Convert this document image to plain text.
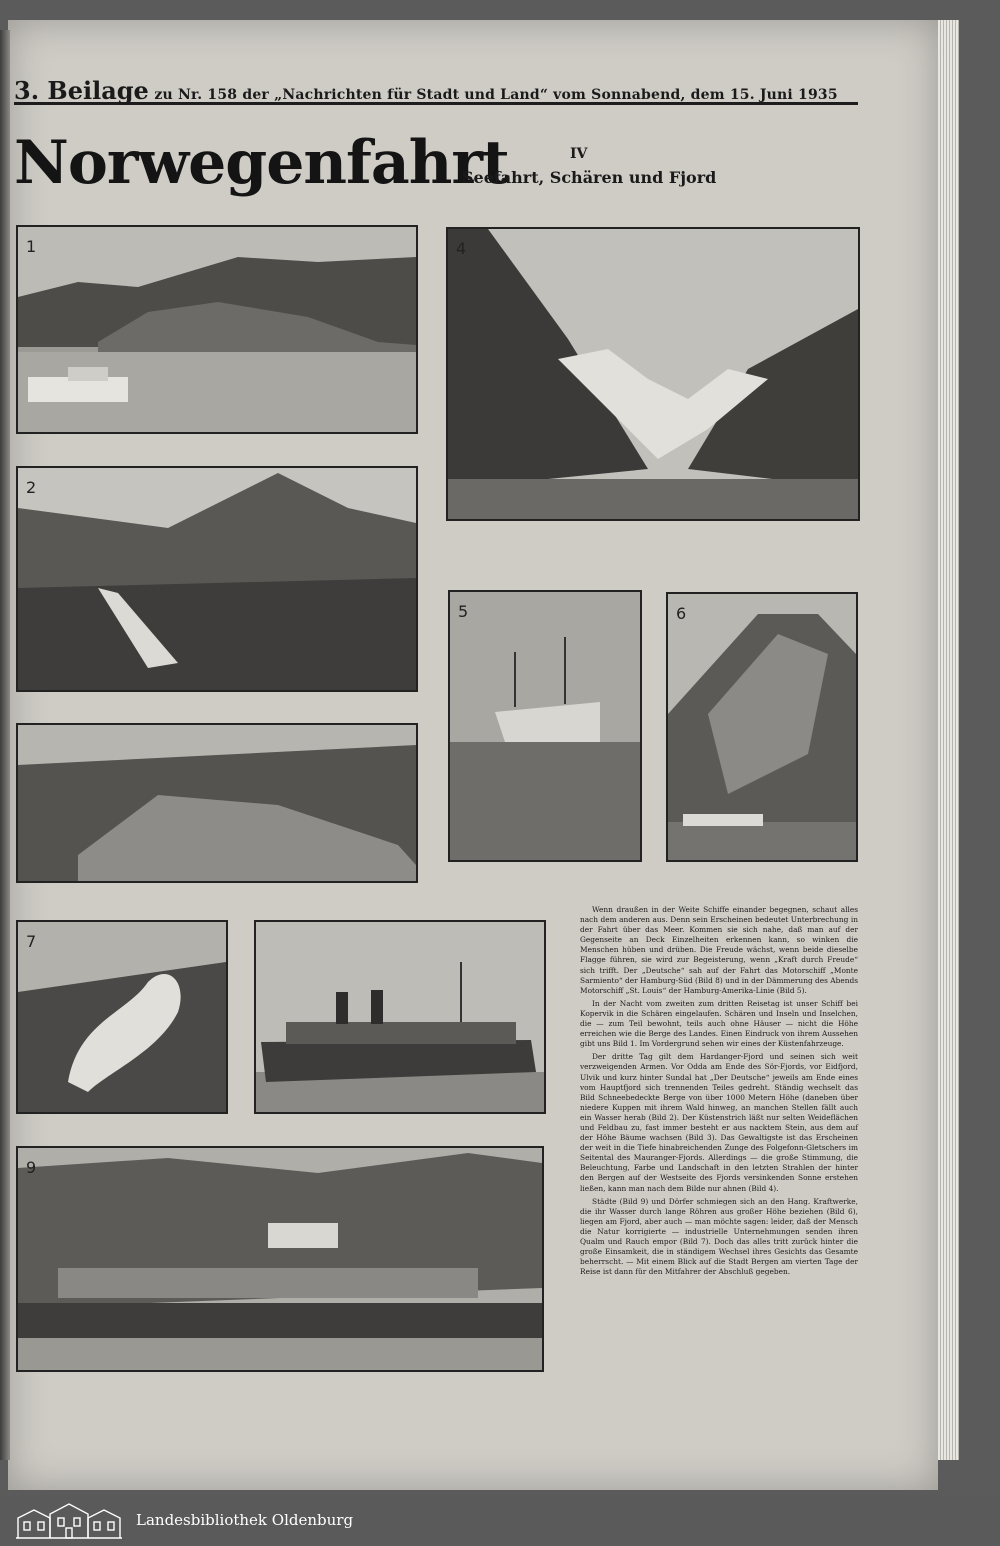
3. Beilage zu Nr. 158 der „Nachrichten für Stadt und Land“ vom Sonnabend, dem 15. Juni 1935
Norwegenfahrt	IV
Seefahrt, Schären und Fjord
1
2
4
5	6
7
9

Wenn draußen in der Weite Schiffe einander begegnen, schaut alles nach dem anderen aus. Denn sein Erscheinen bedeutet Unterbrechung in der Fahrt über das Meer. Kommen sie sich nahe, daß man auf der Gegenseite an Deck Einzelheiten erkennen kann, so winken die Menschen hüben und drüben. Die Freude wächst, wenn beide dieselbe Flagge führen, sie wird zur Begeisterung, wenn „Kraft durch Freude“ sich trifft. Der „Deutsche“ sah auf der Fahrt das Motorschiff „Monte Sarmiento“ der Hamburg-Süd (Bild 8) und in der Dämmerung des Abends Motorschiff „St. Louis“ der Hamburg-Amerika-Linie (Bild 5).

In der Nacht vom zweiten zum dritten Reisetag ist unser Schiff bei Kopervik in die Schären eingelaufen. Schären und Inseln und Inselchen, die — zum Teil bewohnt, teils auch ohne Häuser — nicht die Höhe erreichen wie die Berge des Landes. Einen Eindruck von ihrem Aussehen gibt uns Bild 1. Im Vordergrund sehen wir eines der Küstenfahrzeuge.

Der dritte Tag gilt dem Hardanger-Fjord und seinen sich weit verzweigenden Armen. Vor Odda am Ende des Sör-Fjords, vor Eidfjord, Ulvik und kurz hinter Sundal hat „Der Deutsche“ jeweils am Ende eines vom Hauptfjord sich trennenden Teiles gedreht. Ständig wechselt das Bild Schneebedeckte Berge von über 1000 Metern Höhe (daneben über niedere Kuppen mit ihrem Wald hinweg, an manchen Stellen fällt auch ein Wasser herab (Bild 2). Der Küstenstrich läßt nur selten Weideflächen und Feldbau zu, fast immer besteht er aus nacktem Stein, aus dem auf der Höhe Bäume wachsen (Bild 3). Das Gewaltigste ist das Erscheinen der weit in die Tiefe hinabreichenden Zunge des Folgefonn-Gletschers im Seitental des Mauranger-Fjords. Allerdings — die große Stimmung, die Beleuchtung, Farbe und Landschaft in den letzten Strahlen der hinter den Bergen auf der Westseite des Fjords versinkenden Sonne erstehen ließen, kann man nach dem Bilde nur ahnen (Bild 4).

Städte (Bild 9) und Dörfer schmiegen sich an den Hang. Kraftwerke, die ihr Wasser durch lange Röhren aus großer Höhe beziehen (Bild 6), liegen am Fjord, aber auch — man möchte sagen: leider, daß der Mensch die Natur korrigierte — industrielle Unternehmungen senden ihren Qualm und Rauch empor (Bild 7). Doch das alles tritt zurück hinter die große Einsamkeit, die in ständigem Wechsel ihres Gesichts das Gesamte beherrscht. — Mit einem Blick auf die Stadt Bergen am vierten Tage der Reise ist dann für den Mitfahrer der Abschluß gegeben.

Landesbibliothek Oldenburg
